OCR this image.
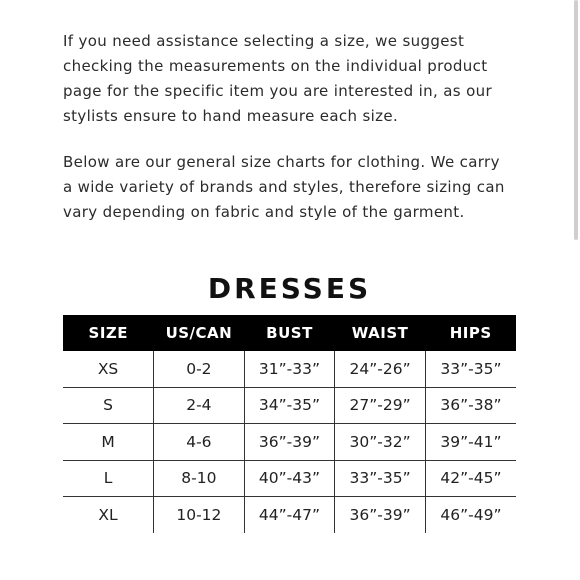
If you need assistance selecting a size, we suggest
checking the measurements on the individual product
page for the specific item you are interested in, as our
stylists ensure to hand measure each size.

Below are our general size charts for clothing. We carry
a wide variety of brands and styles, therefore sizing can
vary depending on fabric and style of the garment.

DRESSES
SIZE	US/CAN	BUST	WAIST	HIPS
XS	0-2	31”-33”	24”-26”	33”-35”
S	2-4	34”-35”	27”-29”	36”-38”
M	4-6	36”-39”	30”-32”	39”-41”
L	8-10	40”-43”	33”-35”	42”-45”
XL	10-12	44”-47”	36”-39”	46”-49”
